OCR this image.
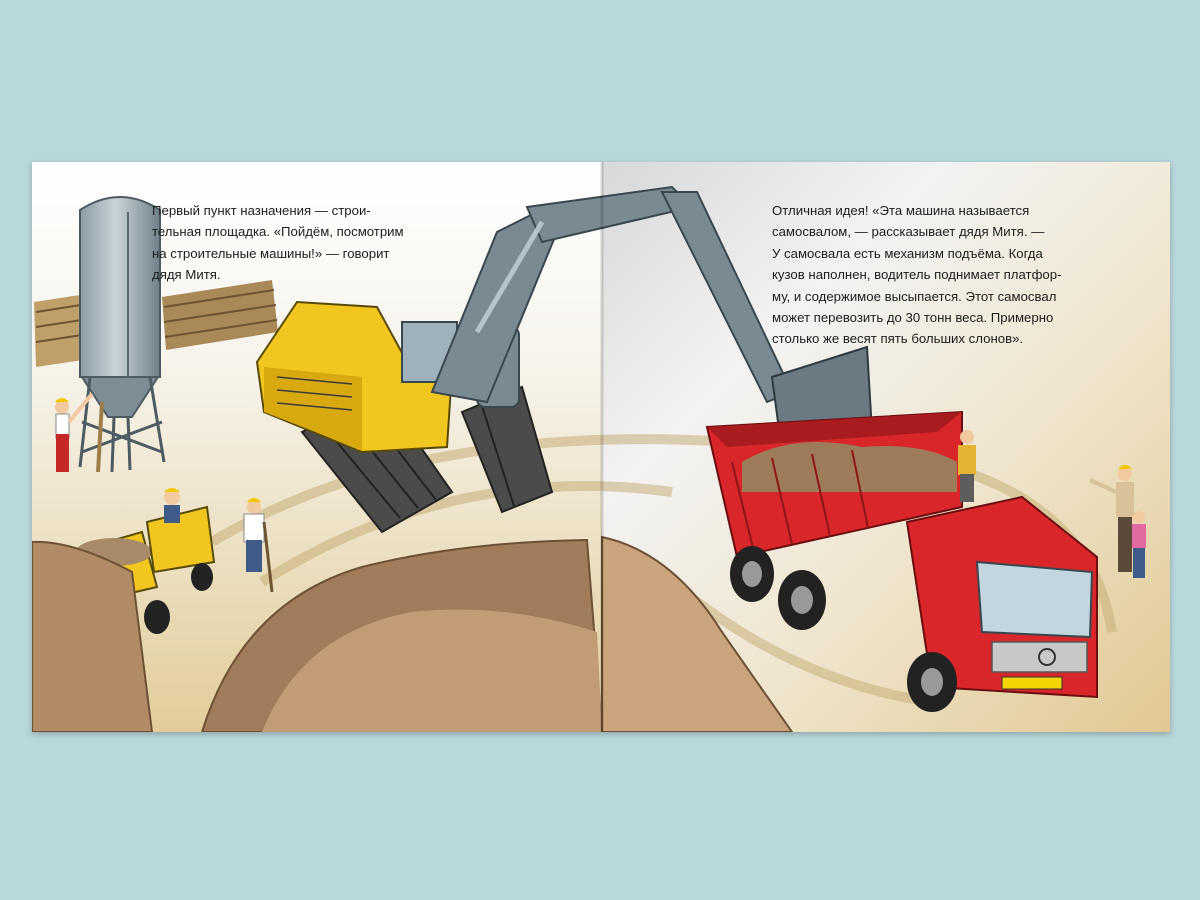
Первый пункт назначения — строи-
тельная площадка. «Пойдём, посмотрим
на строительные машины!» — говорит
дядя Митя.

Отличная идея! «Эта машина называется
самосвалом, — рассказывает дядя Митя. —
У самосвала есть механизм подъёма. Когда
кузов наполнен, водитель поднимает платфор-
му, и содержимое высыпается. Этот самосвал
может перевозить до 30 тонн веса. Примерно
столько же весят пять больших слонов».
